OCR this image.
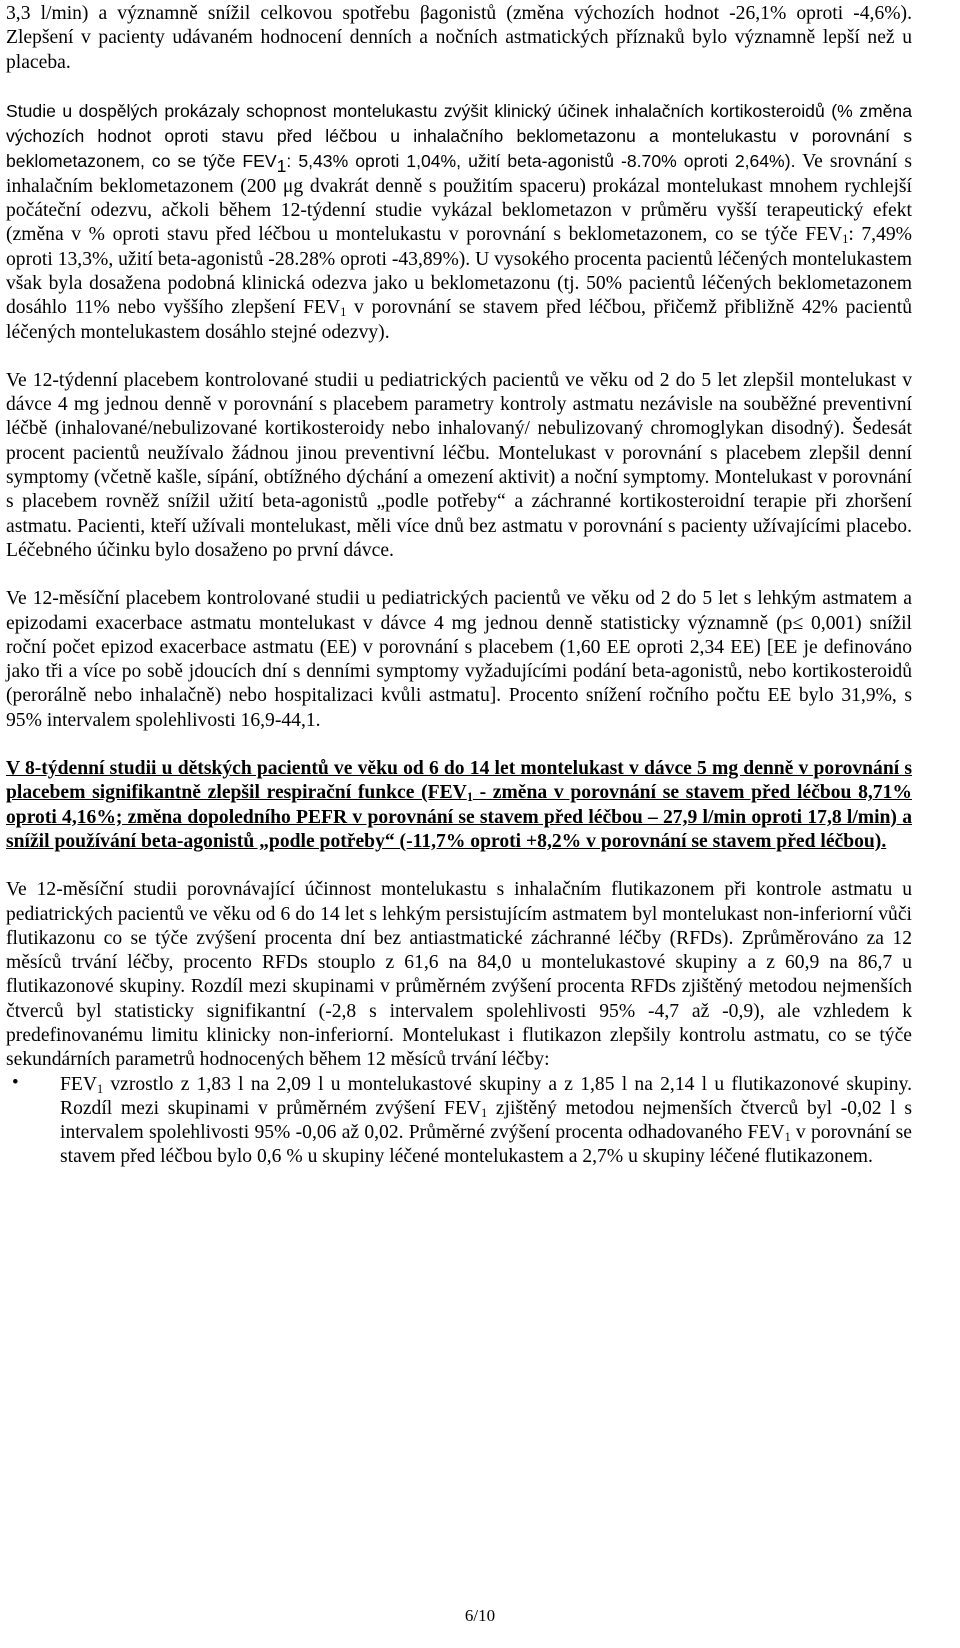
3,3 l/min) a významně snížil celkovou spotřebu βagonistů (změna výchozích hodnot -26,1% oproti -4,6%). Zlepšení v pacienty udávaném hodnocení denních a nočních astmatických příznaků bylo významně lepší než u placeba.

Studie u dospělých prokázaly schopnost montelukastu zvýšit klinický účinek inhalačních kortikosteroidů (% změna výchozích hodnot oproti stavu před léčbou u inhalačního beklometazonu a montelukastu v porovnání s beklometazonem, co se týče $FEV_1$: 5,43% oproti 1,04%, užití beta-agonistů -8.70% oproti 2,64%). Ve srovnání s inhalačním beklometazonem (200 μg dvakrát denně s použitím spaceru) prokázal montelukast mnohem rychlejší počáteční odezvu, ačkoli během 12-týdenní studie vykázal beklometazon v průměru vyšší terapeutický efekt (změna v % oproti stavu před léčbou u montelukastu v porovnání s beklometazonem, co se týče $FEV_1$: 7,49% oproti 13,3%, užití beta-agonistů -28.28% oproti -43,89%). U vysokého procenta pacientů léčených montelukastem však byla dosažena podobná klinická odezva jako u beklometazonu (tj. 50% pacientů léčených beklometazonem dosáhlo 11% nebo vyššího zlepšení $FEV_1$ v porovnání se stavem před léčbou, přičemž přibližně 42% pacientů léčených montelukastem dosáhlo stejné odezvy).

Ve 12-týdenní placebem kontrolované studii u pediatrických pacientů ve věku od 2 do 5 let zlepšil montelukast v dávce 4 mg jednou denně v porovnání s placebem parametry kontroly astmatu nezávisle na souběžné preventivní léčbě (inhalované/nebulizované kortikosteroidy nebo inhalovaný/ nebulizovaný chromoglykan disodný). Šedesát procent pacientů neužívalo žádnou jinou preventivní léčbu. Montelukast v porovnání s placebem zlepšil denní symptomy (včetně kašle, sípání, obtížného dýchání a omezení aktivit) a noční symptomy. Montelukast v porovnání s placebem rovněž snížil užití beta-agonistů „podle potřeby“ a záchranné kortikosteroidní terapie při zhoršení astmatu. Pacienti, kteří užívali montelukast, měli více dnů bez astmatu v porovnání s pacienty užívajícími placebo. Léčebného účinku bylo dosaženo po první dávce.

Ve 12-měsíční placebem kontrolované studii u pediatrických pacientů ve věku od 2 do 5 let s lehkým astmatem a epizodami exacerbace astmatu montelukast v dávce 4 mg jednou denně statisticky významně (p≤ 0,001) snížil roční počet epizod exacerbace astmatu (EE) v porovnání s placebem (1,60 EE oproti 2,34 EE) [EE je definováno jako tři a více po sobě jdoucích dní s denními symptomy vyžadujícími podání beta-agonistů, nebo kortikosteroidů (perorálně nebo inhalačně) nebo hospitalizaci kvůli astmatu]. Procento snížení ročního počtu EE bylo 31,9%, s 95% intervalem spolehlivosti 16,9-44,1.

V 8-týdenní studii u dětských pacientů ve věku od 6 do 14 let montelukast v dávce 5 mg denně v porovnání s placebem signifikantně zlepšil respirační funkce ($FEV_1$ - změna v porovnání se stavem před léčbou 8,71% oproti 4,16%; změna dopoledního PEFR v porovnání se stavem před léčbou – 27,9 l/min oproti 17,8 l/min) a snížil používání beta-agonistů „podle potřeby“ (-11,7% oproti +8,2% v porovnání se stavem před léčbou).

Ve 12-měsíční studii porovnávající účinnost montelukastu s inhalačním flutikazonem při kontrole astmatu u pediatrických pacientů ve věku od 6 do 14 let s lehkým persistujícím astmatem byl montelukast non-inferiorní vůči flutikazonu co se týče zvýšení procenta dní bez antiastmatické záchranné léčby (RFDs). Zprůměrováno za 12 měsíců trvání léčby, procento RFDs stouplo z 61,6 na 84,0 u montelukastové skupiny a z 60,9 na 86,7 u flutikazonové skupiny. Rozdíl mezi skupinami v průměrném zvýšení procenta RFDs zjištěný metodou nejmenších čtverců byl statisticky signifikantní (-2,8 s intervalem spolehlivosti 95% -4,7 až -0,9), ale vzhledem k predefinovanému limitu klinicky non-inferiorní. Montelukast i flutikazon zlepšily kontrolu astmatu, co se týče sekundárních parametrů hodnocených během 12 měsíců trvání léčby:

• $FEV_1$ vzrostlo z 1,83 l na 2,09 l u montelukastové skupiny a z 1,85 l na 2,14 l u flutikazonové skupiny. Rozdíl mezi skupinami v průměrném zvýšení $FEV_1$ zjištěný metodou nejmenších čtverců byl -0,02 l s intervalem spolehlivosti 95% -0,06 až 0,02. Průměrné zvýšení procenta odhadovaného $FEV_1$ v porovnání se stavem před léčbou bylo 0,6 % u skupiny léčené montelukastem a 2,7% u skupiny léčené flutikazonem.

6/10
